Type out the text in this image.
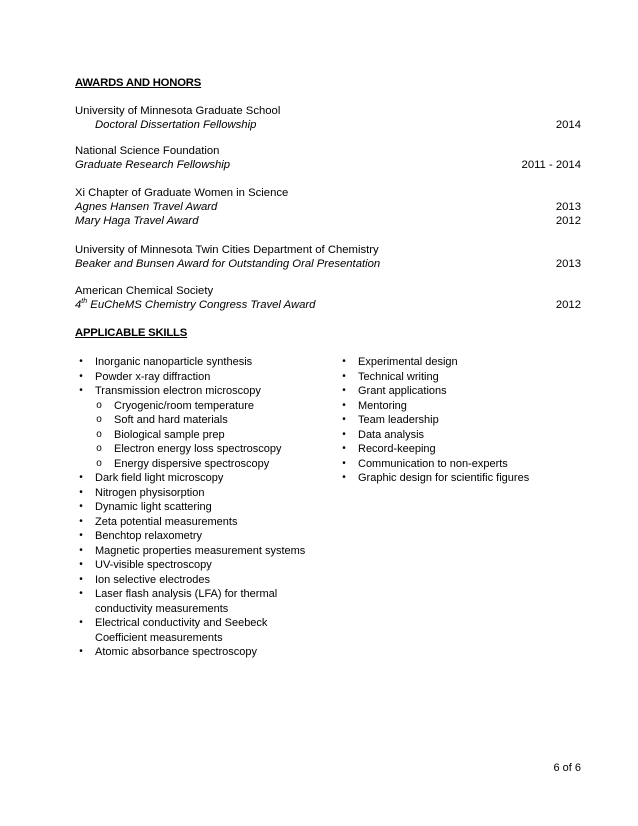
AWARDS AND HONORS
University of Minnesota Graduate School
Doctoral Dissertation Fellowship	2014
National Science Foundation
Graduate Research Fellowship	2011 - 2014
Xi Chapter of Graduate Women in Science
Agnes Hansen Travel Award	2013
Mary Haga Travel Award	2012
University of Minnesota Twin Cities Department of Chemistry
Beaker and Bunsen Award for Outstanding Oral Presentation	2013
American Chemical Society
4th EuCheMS Chemistry Congress Travel Award	2012
APPLICABLE SKILLS
•	Inorganic nanoparticle synthesis
•	Powder x-ray diffraction
•	Transmission electron microscopy
o Cryogenic/room temperature
o Soft and hard materials
o Biological sample prep
o Electron energy loss spectroscopy
o Energy dispersive spectroscopy
•	Dark field light microscopy
•	Nitrogen physisorption
•	Dynamic light scattering
•	Zeta potential measurements
•	Benchtop relaxometry
•	Magnetic properties measurement systems
•	UV-visible spectroscopy
•	Ion selective electrodes
•	Laser flash analysis (LFA) for thermal
conductivity measurements
•	Electrical conductivity and Seebeck
Coefficient measurements
•	Atomic absorbance spectroscopy
•	Experimental design
•	Technical writing
•	Grant applications
•	Mentoring
•	Team leadership
•	Data analysis
•	Record-keeping
•	Communication to non-experts
•	Graphic design for scientific figures
6 of 6
